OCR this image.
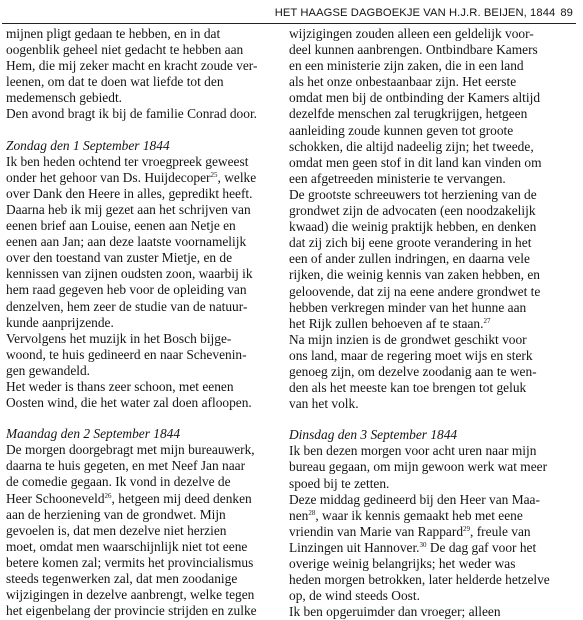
HET HAAGSE DAGBOEKJE VAN H.J.R. BEIJEN, 1844 89
mijnen pligt gedaan te hebben, en in dat
oogenblik geheel niet gedacht te hebben aan
Hem, die mij zeker macht en kracht zoude ver-
leenen, om dat te doen wat liefde tot den
medemensch gebiedt.
Den avond bragt ik bij de familie Conrad door.
Zondag den 1 September 1844
Ik ben heden ochtend ter vroegpreek geweest
onder het gehoor van Ds. Huijdecoper$^{25}$, welke
over Dank den Heere in alles, gepredikt heeft.
Daarna heb ik mij gezet aan het schrijven van
eenen brief aan Louise, eenen aan Netje en
eenen aan Jan; aan deze laatste voornamelijk
over den toestand van zuster Mietje, en de
kennissen van zijnen oudsten zoon, waarbij ik
hem raad gegeven heb voor de opleiding van
denzelven, hem zeer de studie van de natuur-
kunde aanprijzende.
Vervolgens het muzijk in het Bosch bijge-
woond, te huis gedineerd en naar Schevenin-
gen gewandeld.
Het weder is thans zeer schoon, met eenen
Oosten wind, die het water zal doen afloopen.
Maandag den 2 September 1844
De morgen doorgebragt met mijn bureauwerk,
daarna te huis gegeten, en met Neef Jan naar
de comedie gegaan. Ik vond in dezelve de
Heer Schooneveld$^{26}$, hetgeen mij deed denken
aan de herziening van de grondwet. Mijn
gevoelen is, dat men dezelve niet herzien
moet, omdat men waarschijnlijk niet tot eene
betere komen zal; vermits het provincialismus
steeds tegenwerken zal, dat men zoodanige
wijzigingen in dezelve aanbrengt, welke tegen
het eigenbelang der provincie strijden en zulke
wijzigingen zouden alleen een geldelijk voor-
deel kunnen aanbrengen. Ontbindbare Kamers
en een ministerie zijn zaken, die in een land
als het onze onbestaanbaar zijn. Het eerste
omdat men bij de ontbinding der Kamers altijd
dezelfde menschen zal terugkrijgen, hetgeen
aanleiding zoude kunnen geven tot groote
schokken, die altijd nadeelig zijn; het tweede,
omdat men geen stof in dit land kan vinden om
een afgetreeden ministerie te vervangen.
De grootste schreeuwers tot herziening van de
grondwet zijn de advocaten (een noodzakelijk
kwaad) die weinig praktijk hebben, en denken
dat zij zich bij eene groote verandering in het
een of ander zullen indringen, en daarna vele
rijken, die weinig kennis van zaken hebben, en
geloovende, dat zij na eene andere grondwet te
hebben verkregen minder van het hunne aan
het Rijk zullen behoeven af te staan.$^{27}$
Na mijn inzien is de grondwet geschikt voor
ons land, maar de regering moet wijs en sterk
genoeg zijn, om dezelve zoodanig aan te wen-
den als het meeste kan toe brengen tot geluk
van het volk.
Dinsdag den 3 September 1844
Ik ben dezen morgen voor acht uren naar mijn
bureau gegaan, om mijn gewoon werk wat meer
spoed bij te zetten.
Deze middag gedineerd bij den Heer van Maa-
nen$^{28}$, waar ik kennis gemaakt heb met eene
vriendin van Marie van Rappard$^{29}$, freule van
Linzingen uit Hannover.$^{30}$ De dag gaf voor het
overige weinig belangrijks; het weder was
heden morgen betrokken, later helderde hetzelve
op, de wind steeds Oost.
Ik ben opgeruimder dan vroeger; alleen
